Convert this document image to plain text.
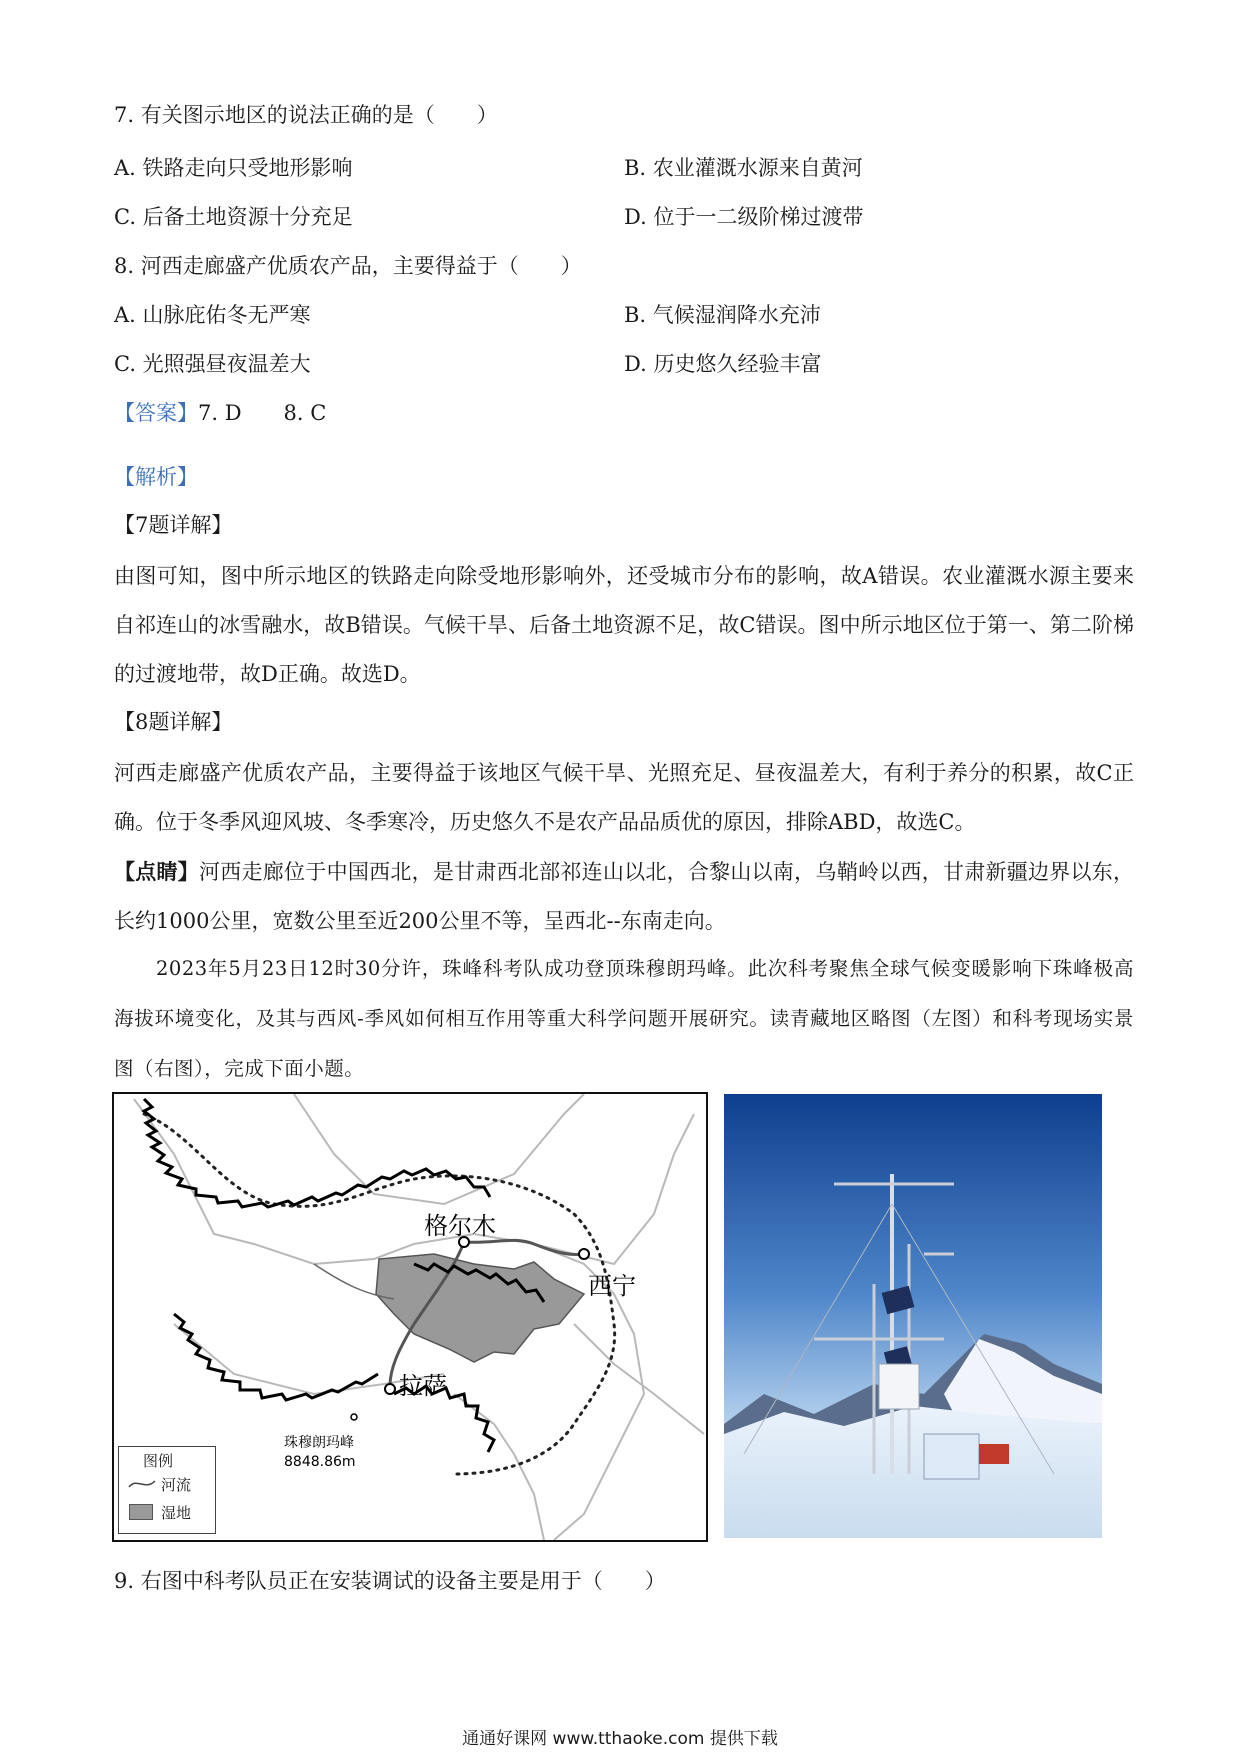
7. 有关图示地区的说法正确的是（　　）
A. 铁路走向只受地形影响	B. 农业灌溉水源来自黄河
C. 后备土地资源十分充足	D. 位于一二级阶梯过渡带
8. 河西走廊盛产优质农产品，主要得益于（　　）
A. 山脉庇佑冬无严寒	B. 气候湿润降水充沛
C. 光照强昼夜温差大	D. 历史悠久经验丰富
【答案】7. D　　8. C
【解析】
【7题详解】
由图可知，图中所示地区的铁路走向除受地形影响外，还受城市分布的影响，故A错误。农业灌溉水源主要来自祁连山的冰雪融水，故B错误。气候干旱、后备土地资源不足，故C错误。图中所示地区位于第一、第二阶梯的过渡地带，故D正确。故选D。
【8题详解】
河西走廊盛产优质农产品，主要得益于该地区气候干旱、光照充足、昼夜温差大，有利于养分的积累，故C正确。位于冬季风迎风坡、冬季寒冷，历史悠久不是农产品品质优的原因，排除ABD，故选C。
【点睛】河西走廊位于中国西北，是甘肃西北部祁连山以北，合黎山以南，乌鞘岭以西，甘肃新疆边界以东，长约1000公里，宽数公里至近200公里不等，呈西北--东南走向。
2023年5月23日12时30分许，珠峰科考队成功登顶珠穆朗玛峰。此次科考聚焦全球气候变暖影响下珠峰极高海拔环境变化，及其与西风-季风如何相互作用等重大科学问题开展研究。读青藏地区略图（左图）和科考现场实景图（右图），完成下面小题。
格尔木
西宁
拉萨
珠穆朗玛峰
8848.86m
图例
河流
湿地
9. 右图中科考队员正在安装调试的设备主要是用于（　　）
通通好课网 www.tthaoke.com 提供下载
